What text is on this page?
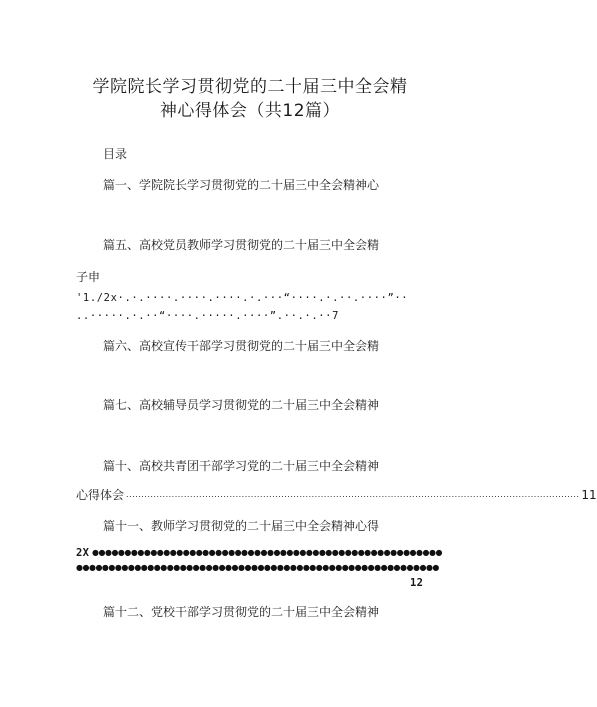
学院院长学习贯彻党的二十届三中全会精
神心得体会（共12篇）
目录
篇一、学院院长学习贯彻党的二十届三中全会精神心
篇五、高校党员教师学习贯彻党的二十届三中全会精
子申
'1./2x·.·.····.····.····.·.···“····.·.··.····”··
..·····.·.··“····.·····.····”.··.·.··7
篇六、高校宣传干部学习贯彻党的二十届三中全会精
篇七、高校辅导员学习贯彻党的二十届三中全会精神
篇十、高校共青团干部学习党的二十届三中全会精神
心得体会 ..................................................................................................................................................... 11
篇十一、教师学习贯彻党的二十届三中全会精神心得
2X ●●●●●●●●●●●●●●●●●●●●●●●●●●●●●●●●●●●●●●●●●●●●●●●●●●●●●●
●●●●●●●●●●●●●●●●●●●●●●●●●●●●●●●●●●●●●●●●●●●●●●●●●●●●●●●●
12
篇十二、党校干部学习贯彻党的二十届三中全会精神
